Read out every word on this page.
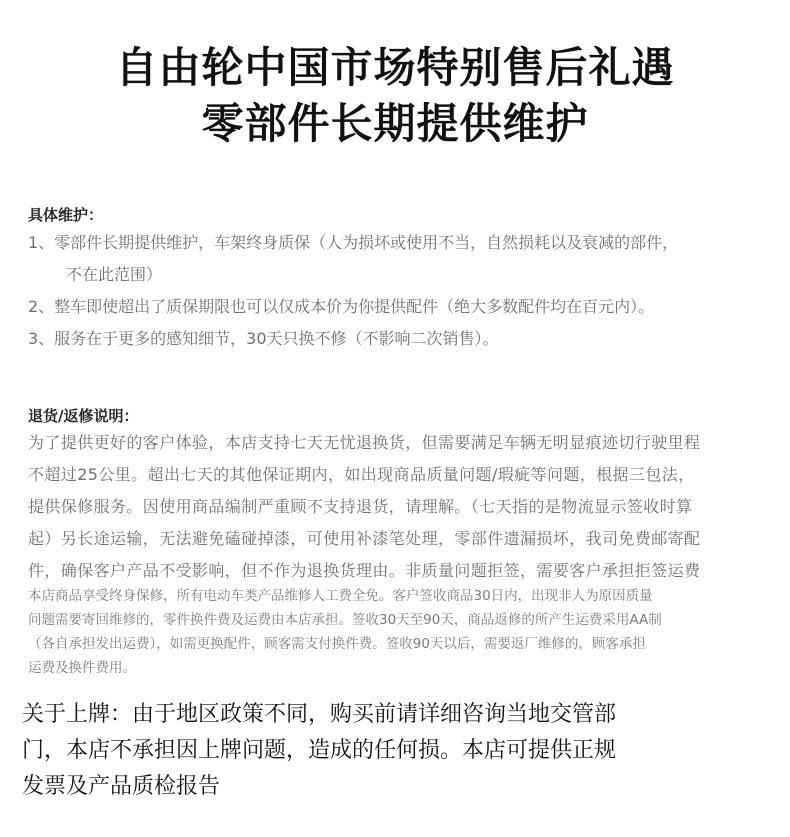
自由轮中国市场特别售后礼遇
零部件长期提供维护
具体维护：
1、零部件长期提供维护，车架终身质保（人为损坏或使用不当，自然损耗以及衰减的部件，
不在此范围）
2、整车即使超出了质保期限也可以仅成本价为你提供配件（绝大多数配件均在百元内）。
3、服务在于更多的感知细节，30天只换不修（不影响二次销售）。
退货/返修说明：
为了提供更好的客户体验，本店支持七天无忧退换货，但需要满足车辆无明显痕迹切行驶里程
不超过25公里。超出七天的其他保证期内，如出现商品质量问题/瑕疵等问题，根据三包法，
提供保修服务。因使用商品编制严重顾不支持退货，请理解。（七天指的是物流显示签收时算
起）另长途运输，无法避免磕碰掉漆，可使用补漆笔处理，零部件遗漏损坏，我司免费邮寄配
件，确保客户产品不受影响，但不作为退换货理由。非质量问题拒签，需要客户承担拒签运费
本店商品享受终身保修，所有电动车类产品维修人工费全免。客户签收商品30日内，出现非人为原因质量
问题需要寄回维修的，零件换件费及运费由本店承担。签收30天至90天，商品返修的所产生运费采用AA制
（各自承担发出运费），如需更换配件，顾客需支付换件费。签收90天以后，需要返厂维修的，顾客承担
运费及换件费用。
关于上牌：由于地区政策不同，购买前请详细咨询当地交管部
门，本店不承担因上牌问题，造成的任何损。本店可提供正规
发票及产品质检报告
